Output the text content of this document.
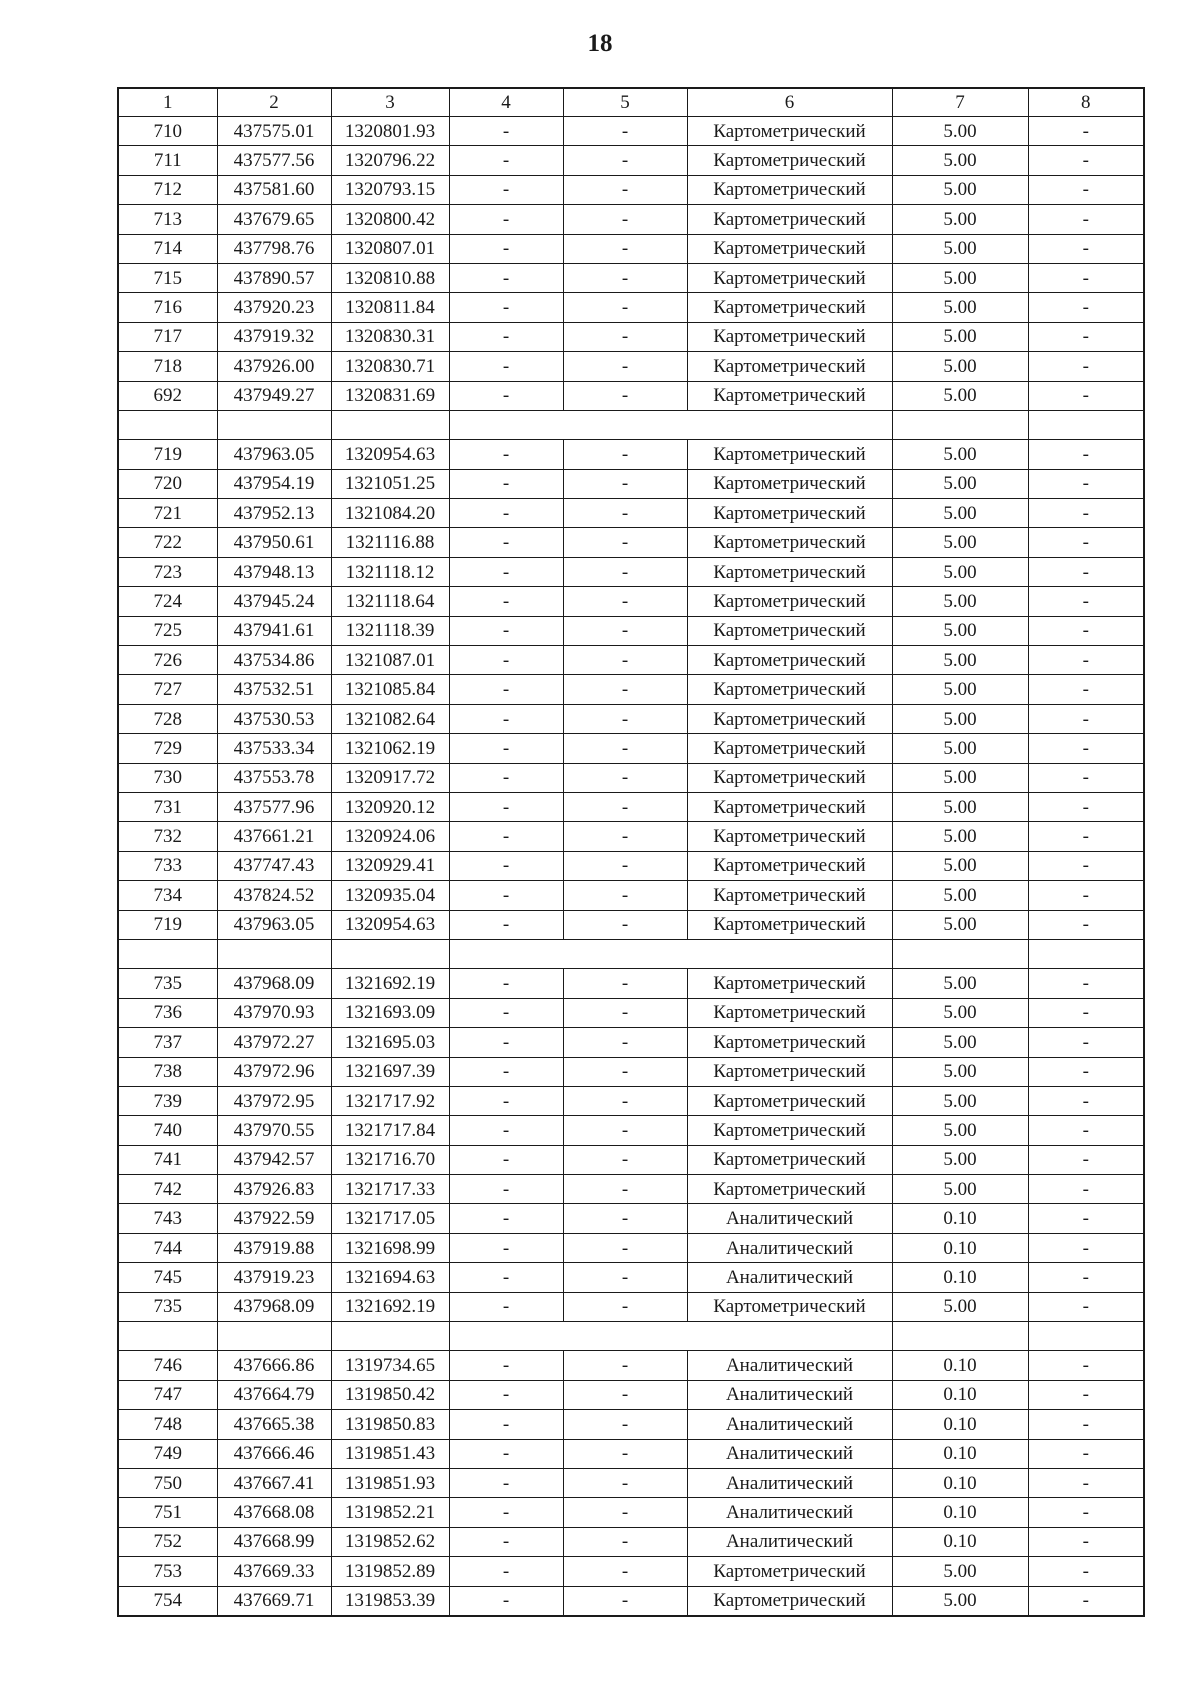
18
1	2	3	4	5	6	7	8
710	437575.01	1320801.93	-	-	Картометрический	5.00	-
711	437577.56	1320796.22	-	-	Картометрический	5.00	-
712	437581.60	1320793.15	-	-	Картометрический	5.00	-
713	437679.65	1320800.42	-	-	Картометрический	5.00	-
714	437798.76	1320807.01	-	-	Картометрический	5.00	-
715	437890.57	1320810.88	-	-	Картометрический	5.00	-
716	437920.23	1320811.84	-	-	Картометрический	5.00	-
717	437919.32	1320830.31	-	-	Картометрический	5.00	-
718	437926.00	1320830.71	-	-	Картометрический	5.00	-
692	437949.27	1320831.69	-	-	Картометрический	5.00	-

719	437963.05	1320954.63	-	-	Картометрический	5.00	-
720	437954.19	1321051.25	-	-	Картометрический	5.00	-
721	437952.13	1321084.20	-	-	Картометрический	5.00	-
722	437950.61	1321116.88	-	-	Картометрический	5.00	-
723	437948.13	1321118.12	-	-	Картометрический	5.00	-
724	437945.24	1321118.64	-	-	Картометрический	5.00	-
725	437941.61	1321118.39	-	-	Картометрический	5.00	-
726	437534.86	1321087.01	-	-	Картометрический	5.00	-
727	437532.51	1321085.84	-	-	Картометрический	5.00	-
728	437530.53	1321082.64	-	-	Картометрический	5.00	-
729	437533.34	1321062.19	-	-	Картометрический	5.00	-
730	437553.78	1320917.72	-	-	Картометрический	5.00	-
731	437577.96	1320920.12	-	-	Картометрический	5.00	-
732	437661.21	1320924.06	-	-	Картометрический	5.00	-
733	437747.43	1320929.41	-	-	Картометрический	5.00	-
734	437824.52	1320935.04	-	-	Картометрический	5.00	-
719	437963.05	1320954.63	-	-	Картометрический	5.00	-

735	437968.09	1321692.19	-	-	Картометрический	5.00	-
736	437970.93	1321693.09	-	-	Картометрический	5.00	-
737	437972.27	1321695.03	-	-	Картометрический	5.00	-
738	437972.96	1321697.39	-	-	Картометрический	5.00	-
739	437972.95	1321717.92	-	-	Картометрический	5.00	-
740	437970.55	1321717.84	-	-	Картометрический	5.00	-
741	437942.57	1321716.70	-	-	Картометрический	5.00	-
742	437926.83	1321717.33	-	-	Картометрический	5.00	-
743	437922.59	1321717.05	-	-	Аналитический	0.10	-
744	437919.88	1321698.99	-	-	Аналитический	0.10	-
745	437919.23	1321694.63	-	-	Аналитический	0.10	-
735	437968.09	1321692.19	-	-	Картометрический	5.00	-

746	437666.86	1319734.65	-	-	Аналитический	0.10	-
747	437664.79	1319850.42	-	-	Аналитический	0.10	-
748	437665.38	1319850.83	-	-	Аналитический	0.10	-
749	437666.46	1319851.43	-	-	Аналитический	0.10	-
750	437667.41	1319851.93	-	-	Аналитический	0.10	-
751	437668.08	1319852.21	-	-	Аналитический	0.10	-
752	437668.99	1319852.62	-	-	Аналитический	0.10	-
753	437669.33	1319852.89	-	-	Картометрический	5.00	-
754	437669.71	1319853.39	-	-	Картометрический	5.00	-
